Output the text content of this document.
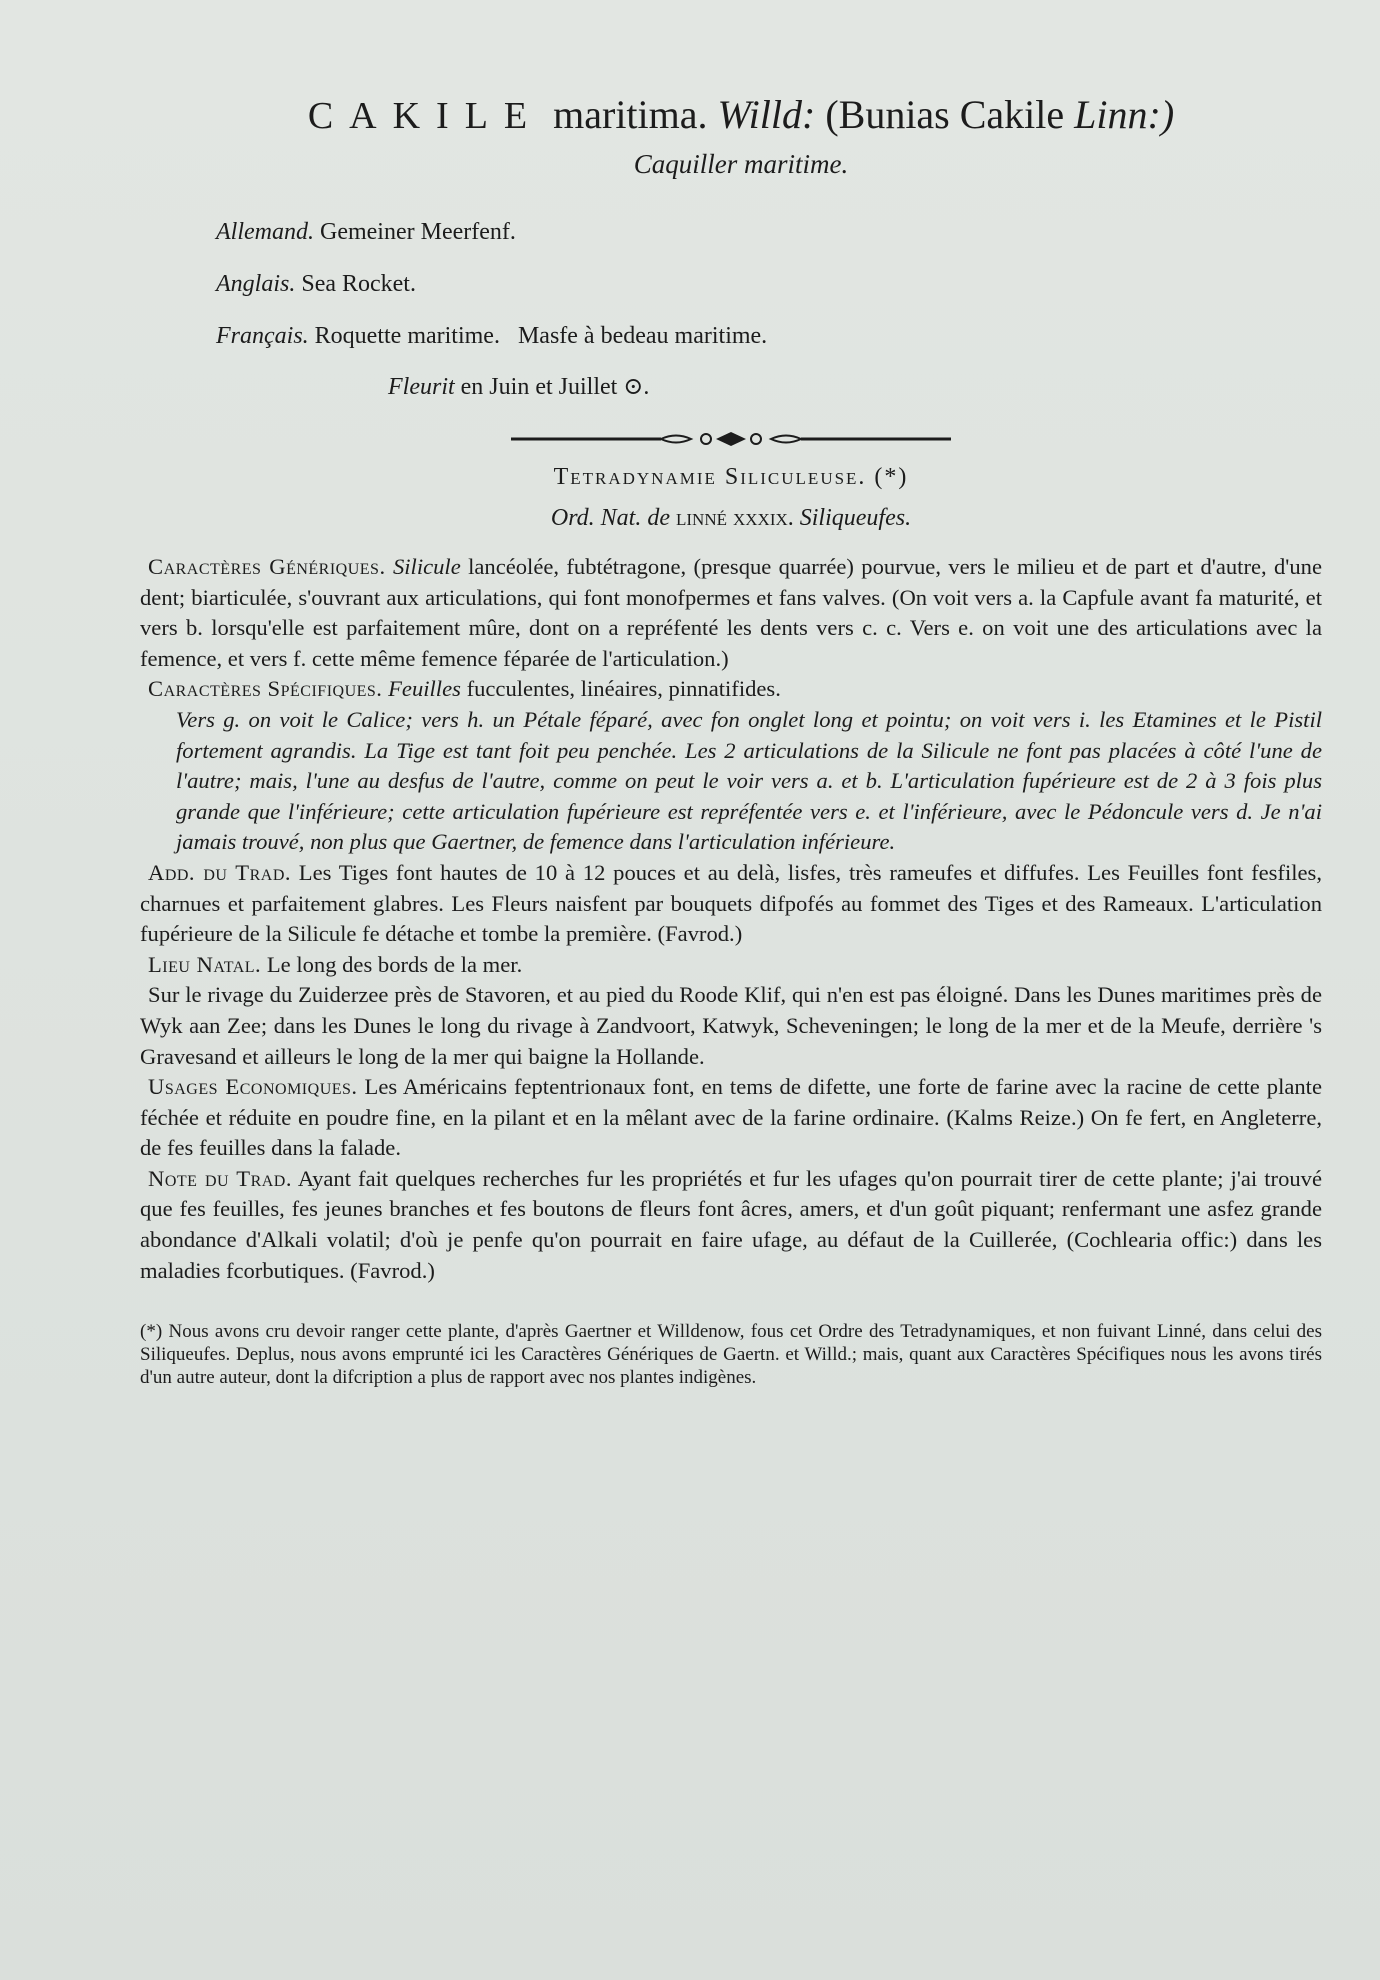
CAKILE maritima. Willd: (Bunias Cakile Linn:)
Caquiller maritime.
Allemand. Gemeiner Meerfenf.
Anglais. Sea Rocket.
Français. Roquette maritime.   Masfe à bedeau maritime.
Fleurit en Juin et Juillet ⊙.
Tetradynamie Siliculeuse. (*)
Ord. Nat. de linné xxxix. Siliqueufes.

Caractères Génériques. Silicule lancéolée, fubtétragone, (presque quarrée) pourvue, vers le milieu et de part et d'autre, d'une dent; biarticulée, s'ouvrant aux articulations, qui font monofpermes et fans valves. (On voit vers a. la Capfule avant fa maturité, et vers b. lorsqu'elle est parfaitement mûre, dont on a repréfenté les dents vers c. c. Vers e. on voit une des articulations avec la femence, et vers f. cette même femence féparée de l'articulation.)

Caractères Spécifiques. Feuilles fucculentes, linéaires, pinnatifides.

Vers g. on voit le Calice; vers h. un Pétale féparé, avec fon onglet long et pointu; on voit vers i. les Etamines et le Pistil fortement agrandis. La Tige est tant foit peu penchée. Les 2 articulations de la Silicule ne font pas placées à côté l'une de l'autre; mais, l'une au desfus de l'autre, comme on peut le voir vers a. et b. L'articulation fupérieure est de 2 à 3 fois plus grande que l'inférieure; cette articulation fupérieure est repréfentée vers e. et l'inférieure, avec le Pédoncule vers d. Je n'ai jamais trouvé, non plus que Gaertner, de femence dans l'articulation inférieure.

Add. du Trad. Les Tiges font hautes de 10 à 12 pouces et au delà, lisfes, très rameufes et diffufes. Les Feuilles font fesfiles, charnues et parfaitement glabres. Les Fleurs naisfent par bouquets difpofés au fommet des Tiges et des Rameaux. L'articulation fupérieure de la Silicule fe détache et tombe la première. (Favrod.)

Lieu Natal. Le long des bords de la mer.

Sur le rivage du Zuiderzee près de Stavoren, et au pied du Roode Klif, qui n'en est pas éloigné. Dans les Dunes maritimes près de Wyk aan Zee; dans les Dunes le long du rivage à Zandvoort, Katwyk, Scheveningen; le long de la mer et de la Meufe, derrière 's Gravesand et ailleurs le long de la mer qui baigne la Hollande.

Usages Economiques. Les Américains feptentrionaux font, en tems de difette, une forte de farine avec la racine de cette plante féchée et réduite en poudre fine, en la pilant et en la mêlant avec de la farine ordinaire. (Kalms Reize.) On fe fert, en Angleterre, de fes feuilles dans la falade.

Note du Trad. Ayant fait quelques recherches fur les propriétés et fur les ufages qu'on pourrait tirer de cette plante; j'ai trouvé que fes feuilles, fes jeunes branches et fes boutons de fleurs font âcres, amers, et d'un goût piquant; renfermant une asfez grande abondance d'Alkali volatil; d'où je penfe qu'on pourrait en faire ufage, au défaut de la Cuillerée, (Cochlearia offic:) dans les maladies fcorbutiques. (Favrod.)

(*) Nous avons cru devoir ranger cette plante, d'après Gaertner et Willdenow, fous cet Ordre des Tetradynamiques, et non fuivant Linné, dans celui des Siliqueufes. Deplus, nous avons emprunté ici les Caractères Génériques de Gaertn. et Willd.; mais, quant aux Caractères Spécifiques nous les avons tirés d'un autre auteur, dont la difcription a plus de rapport avec nos plantes indigènes.
